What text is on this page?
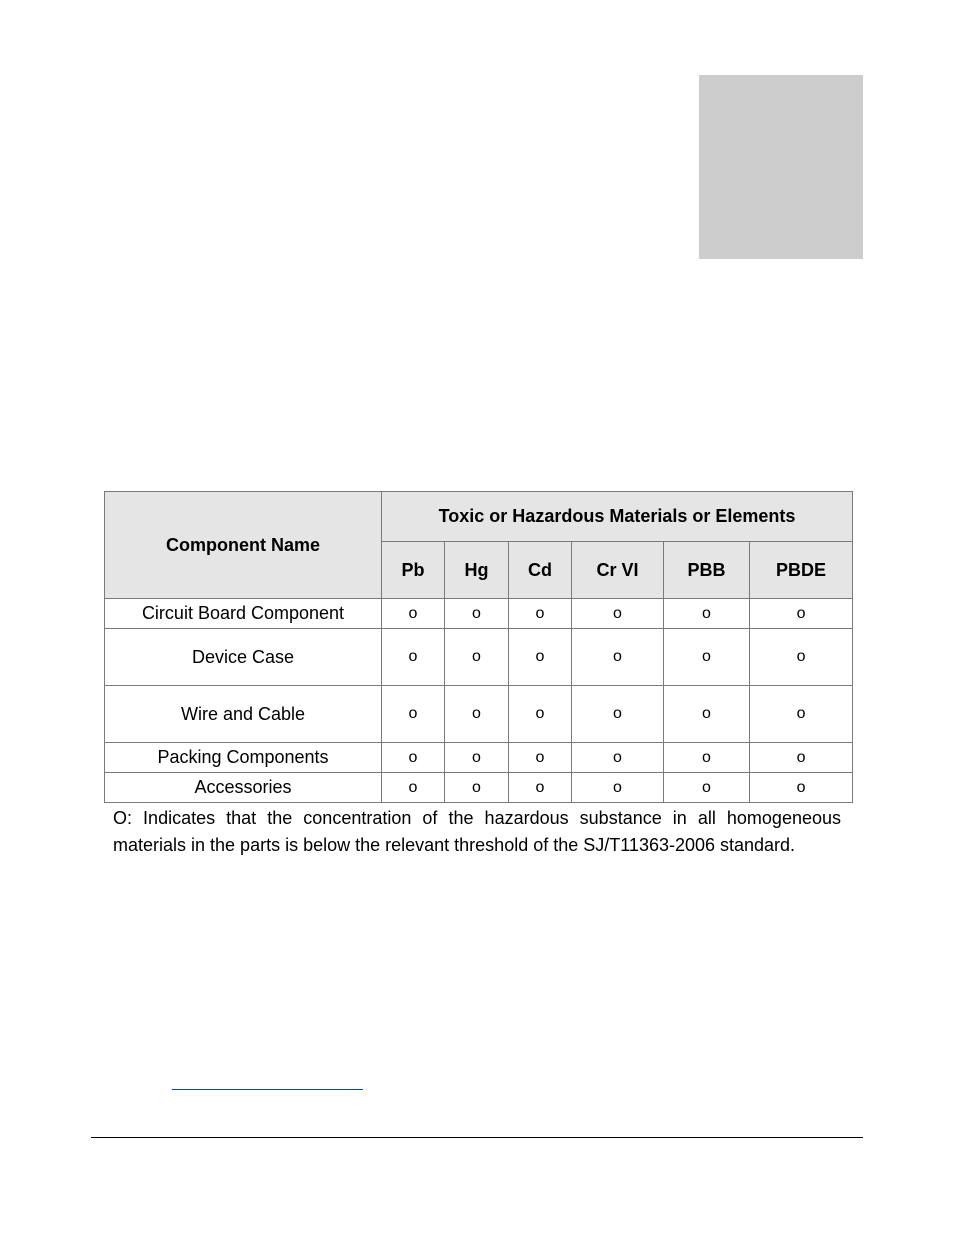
Component Name	Toxic or Hazardous Materials or Elements					
	Pb	Hg	Cd	Cr VI	PBB	PBDE
Circuit Board Component	o	o	o	o	o	o
Device Case	o	o	o	o	o	o
Wire and Cable	o	o	o	o	o	o
Packing Components	o	o	o	o	o	o
Accessories	o	o	o	o	o	o
O: Indicates that the concentration of the hazardous substance in all homogeneous
materials in the parts is below the relevant threshold of the SJ/T11363-2006 standard.
